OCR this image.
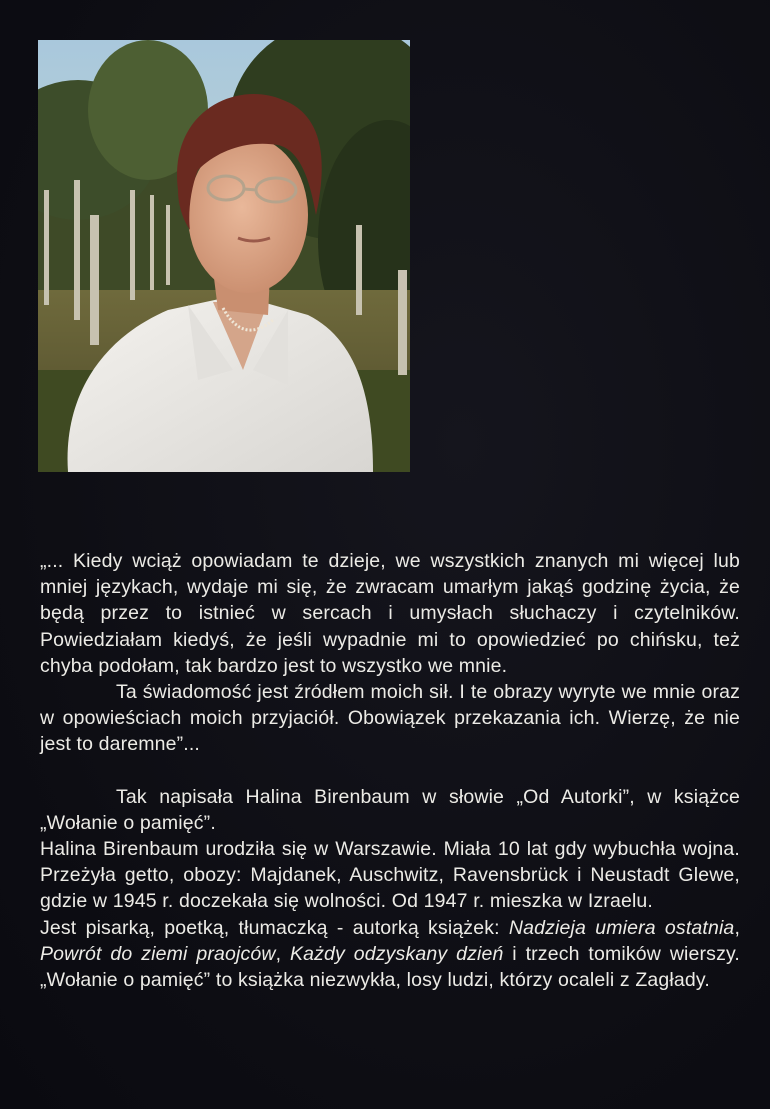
„... Kiedy wciąż opowiadam te dzieje, we wszystkich znanych mi więcej lub mniej językach, wydaje mi się, że zwracam umarłym jakąś godzinę życia, że będą przez to istnieć w sercach i umysłach słuchaczy i czytelników. Powiedziałam kiedyś, że jeśli wypadnie mi to opowiedzieć po chińsku, też chyba podołam, tak bardzo jest to wszystko we mnie.

Ta świadomość jest źródłem moich sił. I te obrazy wyryte we mnie oraz w opowieściach moich przyjaciół. Obowiązek przekazania ich. Wierzę, że nie jest to daremne”...

Tak napisała Halina Birenbaum w słowie „Od Autorki”, w książce „Wołanie o pamięć”.

Halina Birenbaum urodziła się w Warszawie. Miała 10 lat gdy wybuchła wojna. Przeżyła getto, obozy: Majdanek, Auschwitz, Ravensbrück i Neustadt Glewe, gdzie w 1945 r. doczekała się wolności. Od 1947 r. mieszka w Izraelu.

Jest pisarką, poetką, tłumaczką - autorką książek: Nadzieja umiera ostatnia, Powrót do ziemi praojców, Każdy odzyskany dzień i trzech tomików wierszy. „Wołanie o pamięć” to książka niezwykła, losy ludzi, którzy ocaleli z Zagłady.
